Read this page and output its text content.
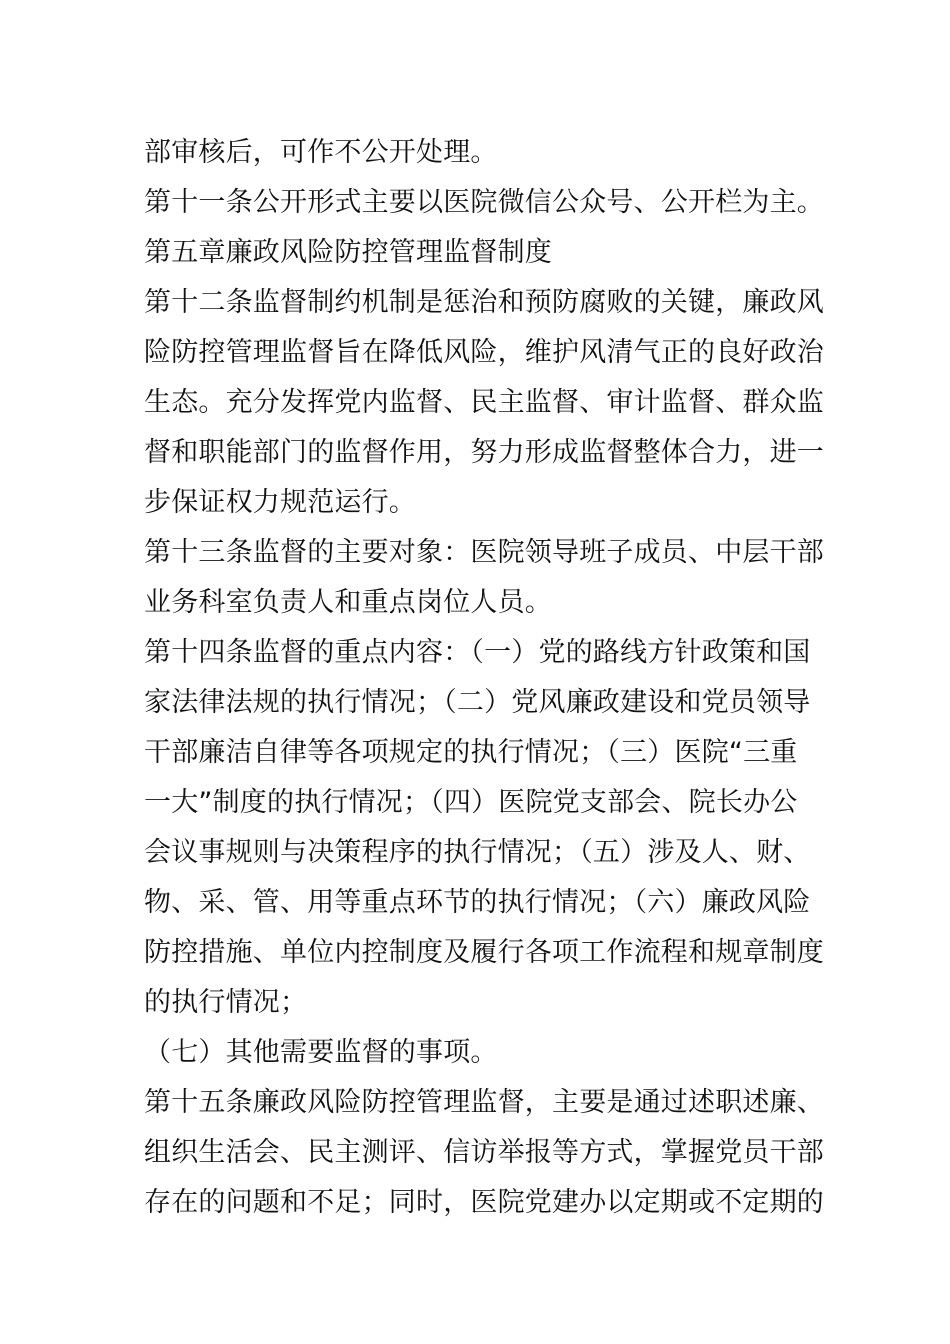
部审核后，可作不公开处理。
第十一条公开形式主要以医院微信公众号、公开栏为主。
第五章廉政风险防控管理监督制度
第十二条监督制约机制是惩治和预防腐败的关键，廉政风
险防控管理监督旨在降低风险，维护风清气正的良好政治
生态。充分发挥党内监督、民主监督、审计监督、群众监
督和职能部门的监督作用，努力形成监督整体合力，进一
步保证权力规范运行。
第十三条监督的主要对象：医院领导班子成员、中层干部
业务科室负责人和重点岗位人员。
第十四条监督的重点内容：（一）党的路线方针政策和国
家法律法规的执行情况；（二）党风廉政建设和党员领导
干部廉洁自律等各项规定的执行情况；（三）医院“三重
一大”制度的执行情况；（四）医院党支部会、院长办公
会议事规则与决策程序的执行情况；（五）涉及人、财、
物、采、管、用等重点环节的执行情况；（六）廉政风险
防控措施、单位内控制度及履行各项工作流程和规章制度
的执行情况；
（七）其他需要监督的事项。
第十五条廉政风险防控管理监督，主要是通过述职述廉、
组织生活会、民主测评、信访举报等方式，掌握党员干部
存在的问题和不足；同时，医院党建办以定期或不定期的
